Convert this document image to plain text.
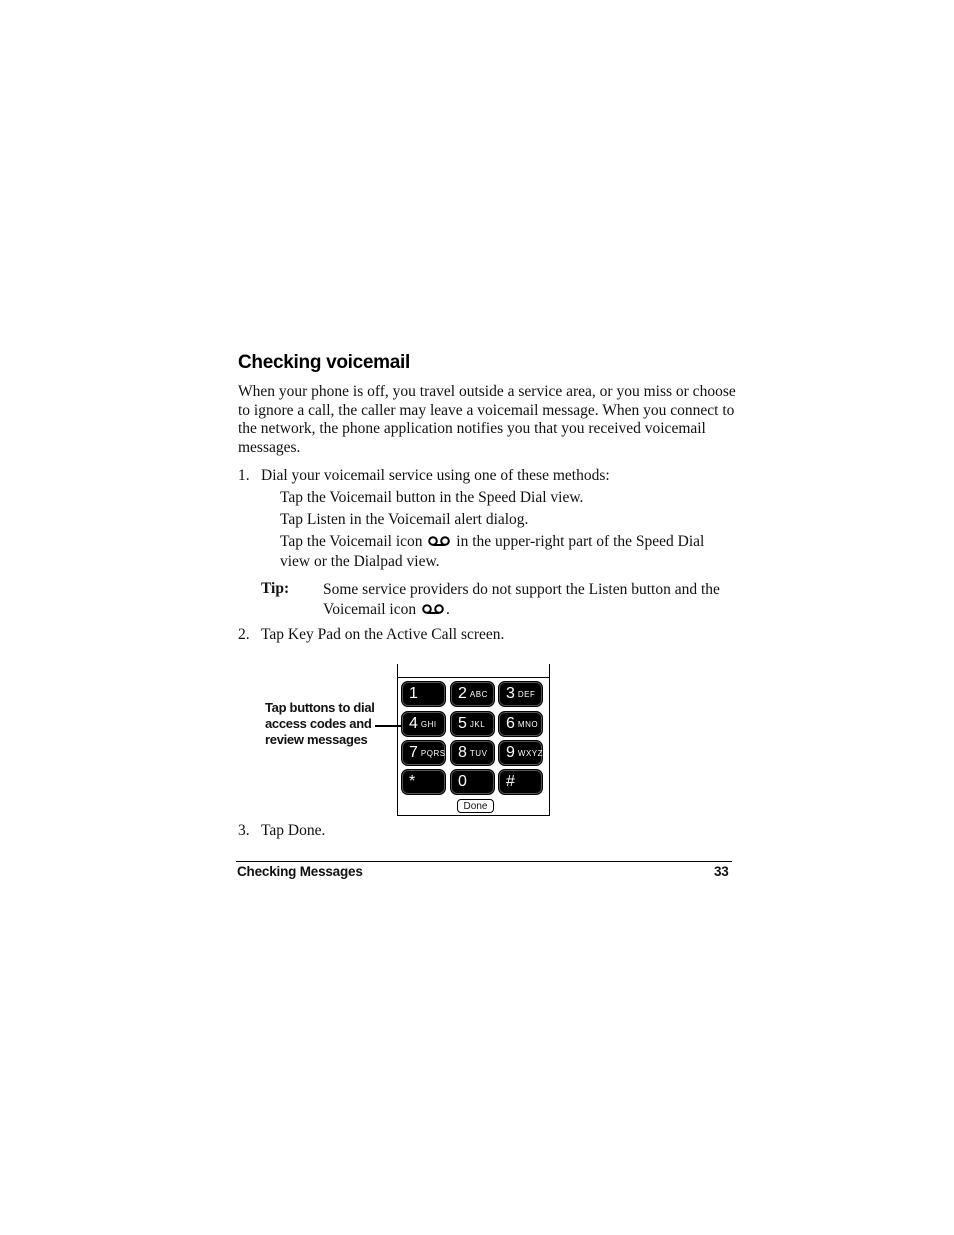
Checking voicemail
When your phone is off, you travel outside a service area, or you miss or choose to ignore a call, the caller may leave a voicemail message. When you connect to the network, the phone application notifies you that you received voicemail messages.
1. Dial your voicemail service using one of these methods:
Tap the Voicemail button in the Speed Dial view.
Tap Listen in the Voicemail alert dialog.
Tap the Voicemail icon in the upper-right part of the Speed Dial view or the Dialpad view.
Tip: Some service providers do not support the Listen button and the Voicemail icon .
2. Tap Key Pad on the Active Call screen.
Tap buttons to dial access codes and review messages
1	2 ABC 3 DEF
4 GHI 5 JKL 6 MNO
7 PQRS 8 TUV 9 WXYZ
*	0 #
Done
3. Tap Done.
Checking Messages	33
